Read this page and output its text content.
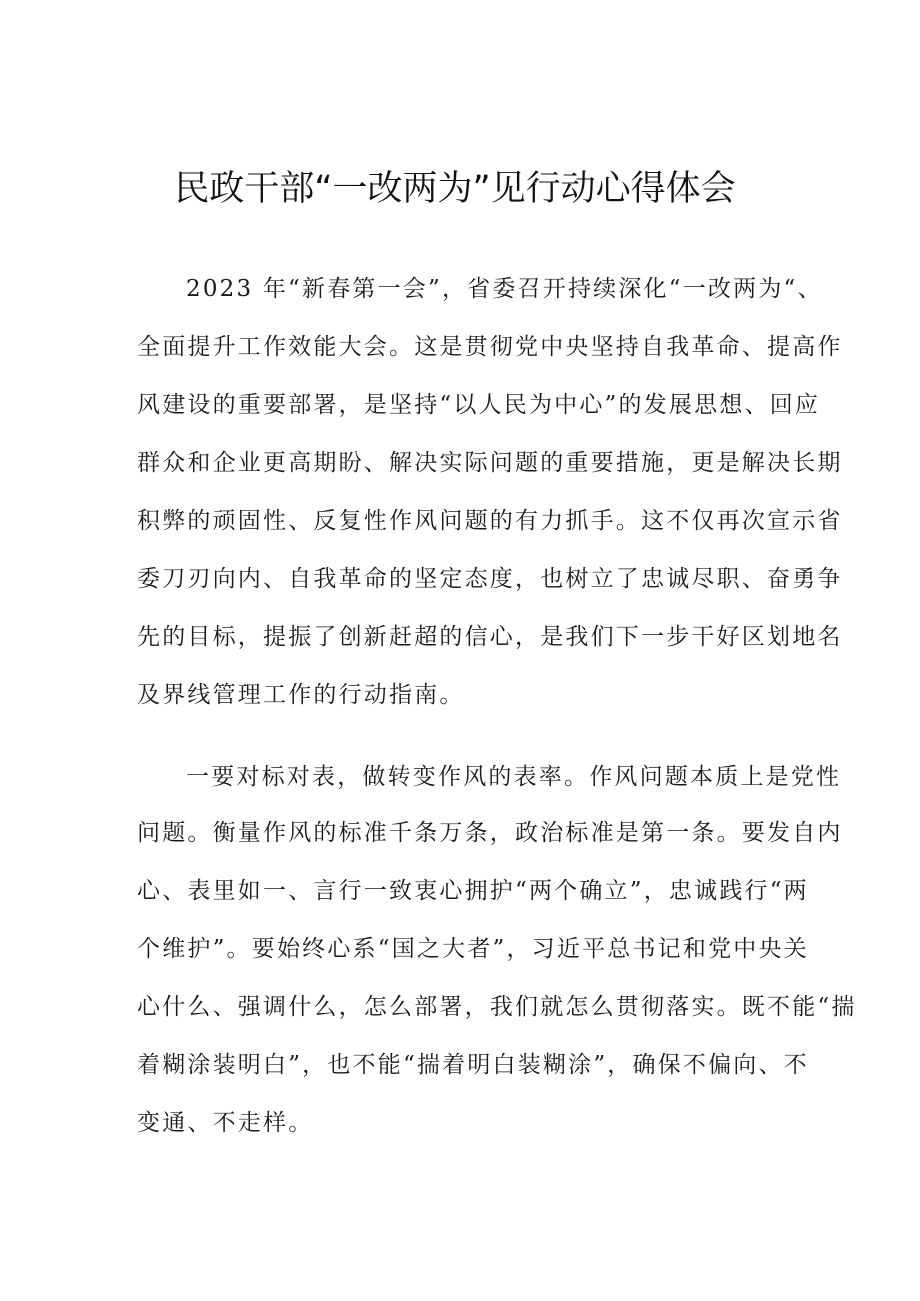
民政干部“一改两为”见行动心得体会
2023 年“新春第一会”，省委召开持续深化“一改两为“、
全面提升工作效能大会。这是贯彻党中央坚持自我革命、提高作
风建设的重要部署，是坚持“以人民为中心”的发展思想、回应
群众和企业更高期盼、解决实际问题的重要措施，更是解决长期
积弊的顽固性、反复性作风问题的有力抓手。这不仅再次宣示省
委刀刃向内、自我革命的坚定态度，也树立了忠诚尽职、奋勇争
先的目标，提振了创新赶超的信心，是我们下一步干好区划地名
及界线管理工作的行动指南。
一要对标对表，做转变作风的表率。作风问题本质上是党性
问题。衡量作风的标准千条万条，政治标准是第一条。要发自内
心、表里如一、言行一致衷心拥护“两个确立”，忠诚践行“两
个维护”。要始终心系“国之大者”，习近平总书记和党中央关
心什么、强调什么，怎么部署，我们就怎么贯彻落实。既不能“揣
着糊涂装明白”，也不能“揣着明白装糊涂”，确保不偏向、不
变通、不走样。
